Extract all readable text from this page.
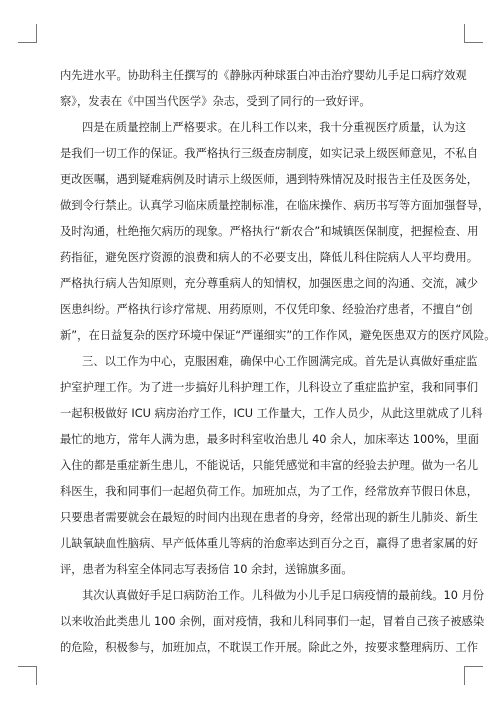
内先进水平。协助科主任撰写的《静脉丙种球蛋白冲击治疗婴幼儿手足口病疗效观
察》，发表在《中国当代医学》杂志，受到了同行的一致好评。
四是在质量控制上严格要求。在儿科工作以来，我十分重视医疗质量，认为这
是我们一切工作的保证。我严格执行三级查房制度，如实记录上级医师意见，不私自
更改医嘱，遇到疑难病例及时请示上级医师，遇到特殊情况及时报告主任及医务处，
做到令行禁止。认真学习临床质量控制标准，在临床操作、病历书写等方面加强督导，
及时沟通，杜绝拖欠病历的现象。严格执行“新农合”和城镇医保制度，把握检查、用
药指征，避免医疗资源的浪费和病人的不必要支出，降低儿科住院病人人平均费用。
严格执行病人告知原则，充分尊重病人的知情权，加强医患之间的沟通、交流，减少
医患纠纷。严格执行诊疗常规、用药原则，不仅凭印象、经验治疗患者，不擅自“创
新”，在日益复杂的医疗环境中保证“严谨细实”的工作作风，避免医患双方的医疗风险。
三、以工作为中心，克服困难，确保中心工作圆满完成。首先是认真做好重症监
护室护理工作。为了进一步搞好儿科护理工作，儿科设立了重症监护室，我和同事们
一起积极做好 ICU 病房治疗工作，ICU 工作量大，工作人员少，从此这里就成了儿科
最忙的地方，常年人满为患，最多时科室收治患儿 40 余人，加床率达 100%，里面
入住的都是重症新生患儿，不能说话，只能凭感觉和丰富的经验去护理。做为一名儿
科医生，我和同事们一起超负荷工作。加班加点，为了工作，经常放弃节假日休息，
只要患者需要就会在最短的时间内出现在患者的身旁，经常出现的新生儿肺炎、新生
儿缺氧缺血性脑病、早产低体重儿等病的治愈率达到百分之百，赢得了患者家属的好
评，患者为科室全体同志写表扬信 10 余封，送锦旗多面。
其次认真做好手足口病防治工作。儿科做为小儿手足口病疫情的最前线。10 月份
以来收治此类患儿 100 余例，面对疫情，我和儿科同事们一起，冒着自己孩子被感染
的危险，积极参与，加班加点，不耽误工作开展。除此之外，按要求整理病历、工作
